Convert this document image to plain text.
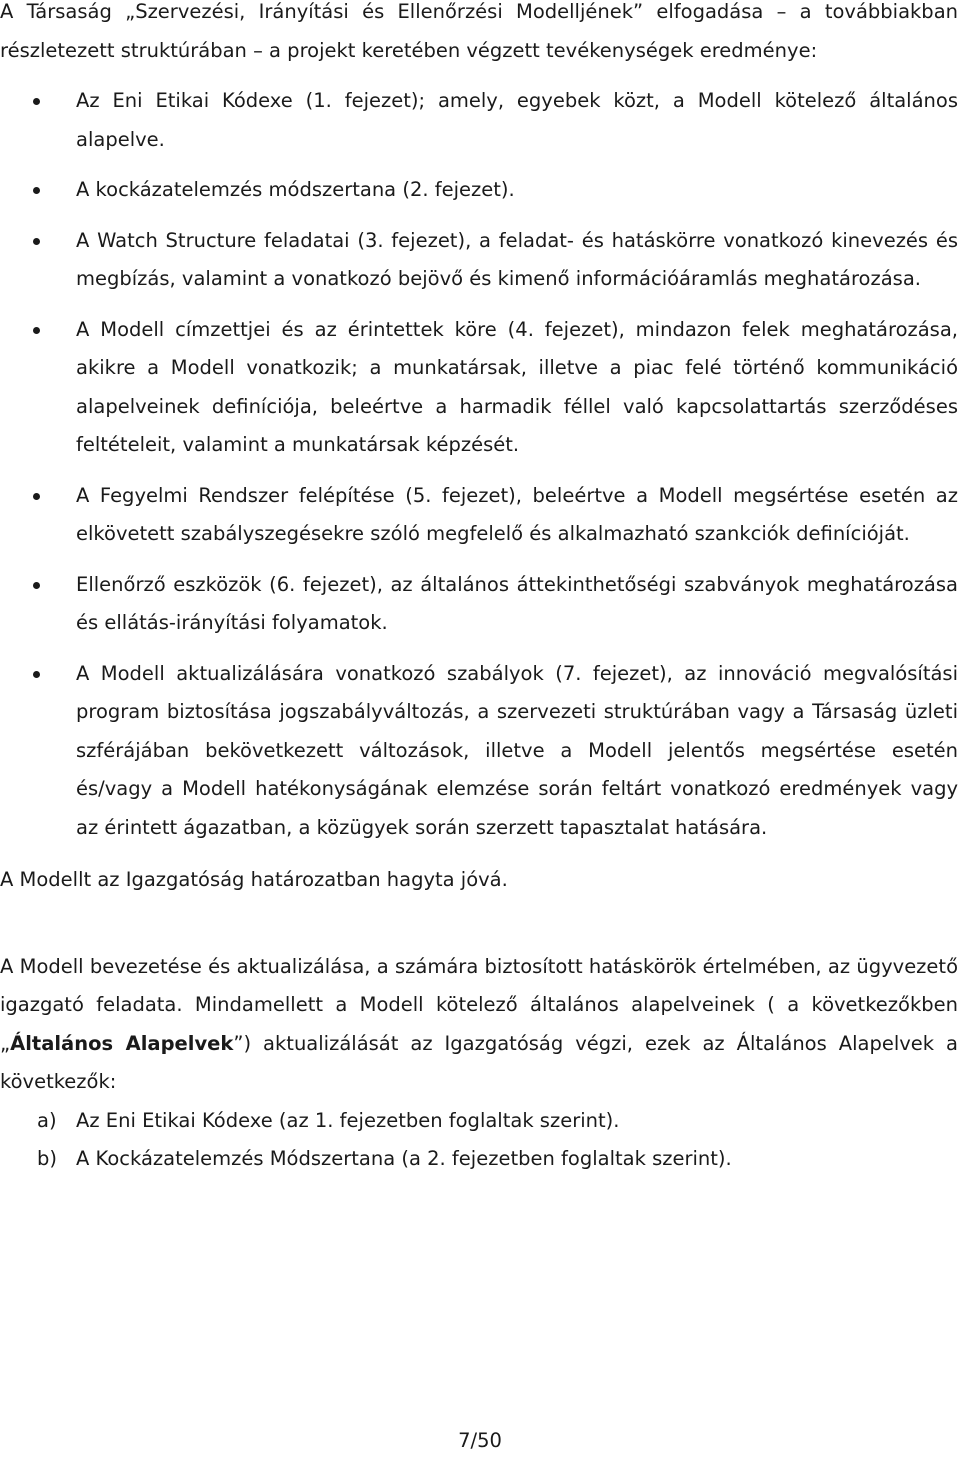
A Társaság „Szervezési, Irányítási és Ellenőrzési Modelljének” elfogadása – a továbbiakban részletezett struktúrában – a projekt keretében végzett tevékenységek eredménye:

Az Eni Etikai Kódexe (1. fejezet); amely, egyebek közt, a Modell kötelező általános alapelve.
A kockázatelemzés módszertana (2. fejezet).
A Watch Structure feladatai (3. fejezet), a feladat- és hatáskörre vonatkozó kinevezés és megbízás, valamint a vonatkozó bejövő és kimenő információáramlás meghatározása.
A Modell címzettjei és az érintettek köre (4. fejezet), mindazon felek meghatározása, akikre a Modell vonatkozik; a munkatársak, illetve a piac felé történő kommunikáció alapelveinek definíciója, beleértve a harmadik féllel való kapcsolattartás szerződéses feltételeit, valamint a munkatársak képzését.
A Fegyelmi Rendszer felépítése (5. fejezet), beleértve a Modell megsértése esetén az elkövetett szabályszegésekre szóló megfelelő és alkalmazható szankciók definícióját.
Ellenőrző eszközök (6. fejezet), az általános áttekinthetőségi szabványok meghatározása és ellátás-irányítási folyamatok.
A Modell aktualizálására vonatkozó szabályok (7. fejezet), az innováció megvalósítási program biztosítása jogszabályváltozás, a szervezeti struktúrában vagy a Társaság üzleti szférájában bekövetkezett változások, illetve a Modell jelentős megsértése esetén és/vagy a Modell hatékonyságának elemzése során feltárt vonatkozó eredmények vagy az érintett ágazatban, a közügyek során szerzett tapasztalat hatására.

A Modellt az Igazgatóság határozatban hagyta jóvá.

A Modell bevezetése és aktualizálása, a számára biztosított hatáskörök értelmében, az ügyvezető igazgató feladata. Mindamellett a Modell kötelező általános alapelveinek ( a következőkben „Általános Alapelvek”) aktualizálását az Igazgatóság végzi, ezek az Általános Alapelvek a következők:

a) Az Eni Etikai Kódexe (az 1. fejezetben foglaltak szerint).
b) A Kockázatelemzés Módszertana (a 2. fejezetben foglaltak szerint).
7/50
